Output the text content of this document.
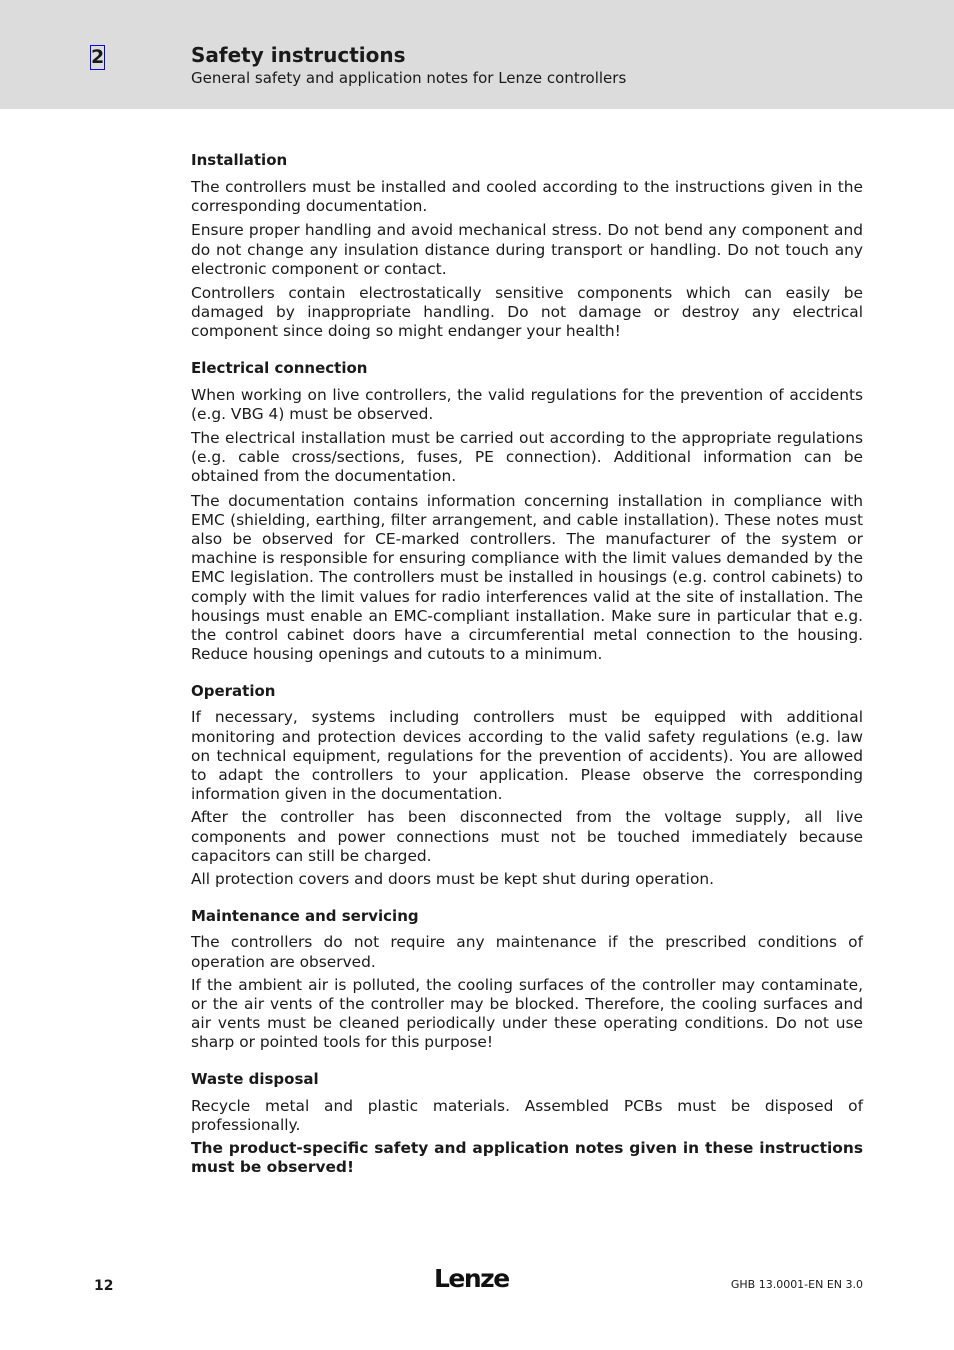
2	Safety instructions

General safety and application notes for Lenze controllers

Installation

The controllers must be installed and cooled according to the instructions given in the corresponding documentation.

Ensure proper handling and avoid mechanical stress. Do not bend any component and do not change any insulation distance during transport or handling. Do not touch any electronic component or contact.

Controllers contain electrostatically sensitive components which can easily be damaged by inappropriate handling. Do not damage or destroy any electrical component since doing so might endanger your health!

Electrical connection

When working on live controllers, the valid regulations for the prevention of accidents (e.g. VBG 4) must be observed.

The electrical installation must be carried out according to the appropriate regulations (e.g. cable cross/sections, fuses, PE connection). Additional information can be obtained from the documentation.

The documentation contains information concerning installation in compliance with EMC (shielding, earthing, filter arrangement, and cable installation). These notes must also be observed for CE-marked controllers. The manufacturer of the system or machine is responsible for ensuring compliance with the limit values demanded by the EMC legislation. The controllers must be installed in housings (e.g. control cabinets) to comply with the limit values for radio interferences valid at the site of installation. The housings must enable an EMC-compliant installation. Make sure in particular that e.g. the control cabinet doors have a circumferential metal connection to the housing. Reduce housing openings and cutouts to a minimum.

Operation

If necessary, systems including controllers must be equipped with additional monitoring and protection devices according to the valid safety regulations (e.g. law on technical equipment, regulations for the prevention of accidents). You are allowed to adapt the controllers to your application. Please observe the corresponding information given in the documentation.

After the controller has been disconnected from the voltage supply, all live components and power connections must not be touched immediately because capacitors can still be charged.

All protection covers and doors must be kept shut during operation.

Maintenance and servicing

The controllers do not require any maintenance if the prescribed conditions of operation are observed.

If the ambient air is polluted, the cooling surfaces of the controller may contaminate, or the air vents of the controller may be blocked. Therefore, the cooling surfaces and air vents must be cleaned periodically under these operating conditions. Do not use sharp or pointed tools for this purpose!

Waste disposal

Recycle metal and plastic materials. Assembled PCBs must be disposed of professionally.

The product-specific safety and application notes given in these instructions must be observed!

12	Lenze	GHB 13.0001-EN EN 3.0
